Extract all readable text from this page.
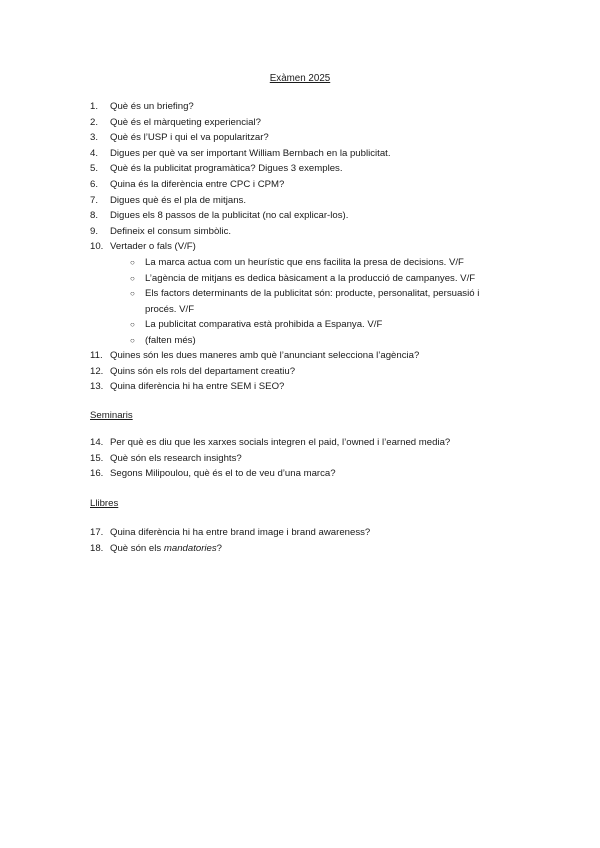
Exàmen 2025
1.	Què és un briefing?
2.	Què és el màrqueting experiencial?
3.	Què és l’USP i qui el va popularitzar?
4.	Digues per què va ser important William Bernbach en la publicitat.
5.	Què és la publicitat programàtica? Digues 3 exemples.
6.	Quina és la diferència entre CPC i CPM?
7.	Digues què és el pla de mitjans.
8.	Digues els 8 passos de la publicitat (no cal explicar-los).
9.	Defineix el consum simbòlic.
10. Vertader o fals (V/F)
○ La marca actua com un heurístic que ens facilita la presa de decisions. V/F
○ L’agència de mitjans es dedica bàsicament a la producció de campanyes. V/F
○ Els factors determinants de la publicitat són: producte, personalitat, persuasió i procés. V/F
○ La publicitat comparativa està prohibida a Espanya. V/F
○ (falten més)
11. Quines són les dues maneres amb què l’anunciant selecciona l’agència?
12. Quins són els rols del departament creatiu?
13. Quina diferència hi ha entre SEM i SEO?
Seminaris
14. Per què es diu que les xarxes socials integren el paid, l’owned i l’earned media?
15. Què són els research insights?
16. Segons Milipoulou, què és el to de veu d’una marca?
Llibres
17. Quina diferència hi ha entre brand image i brand awareness?
18. Què són els mandatories?
